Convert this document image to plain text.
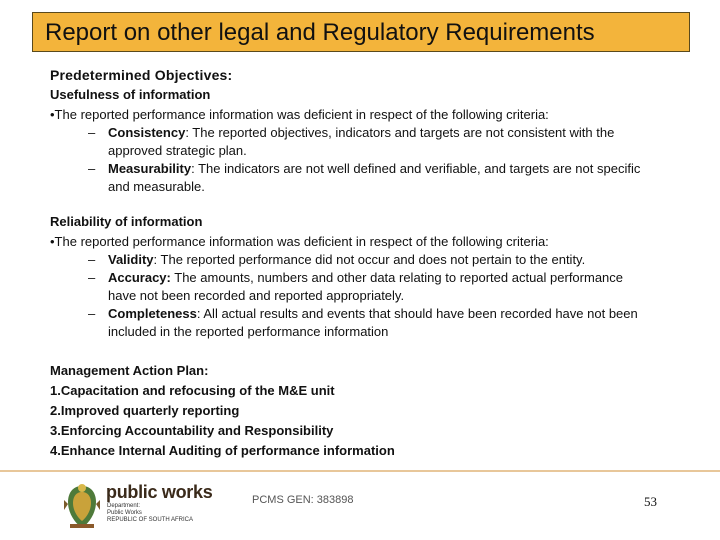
Report on other legal and Regulatory Requirements
Predetermined Objectives:
Usefulness of information
•The reported performance information was deficient in respect of the following criteria:
– Consistency: The reported objectives, indicators and targets are not consistent with the
approved strategic plan.
– Measurability: The indicators are not well defined and verifiable, and targets are not specific
and measurable.
Reliability of information
•The reported performance information was deficient in respect of the following criteria:
– Validity: The reported performance did not occur and does not pertain to the entity.
– Accuracy: The amounts, numbers and other data relating to reported actual performance
have not been recorded and reported appropriately.
– Completeness: All actual results and events that should have been recorded have not been
included in the reported performance information
Management Action Plan:
1.Capacitation and refocusing of the M&E unit
2.Improved quarterly reporting
3.Enforcing Accountability and Responsibility
4.Enhance Internal Auditing of performance information
public works
Department:
Public Works
REPUBLIC OF SOUTH AFRICA
PCMS GEN: 383898	53
